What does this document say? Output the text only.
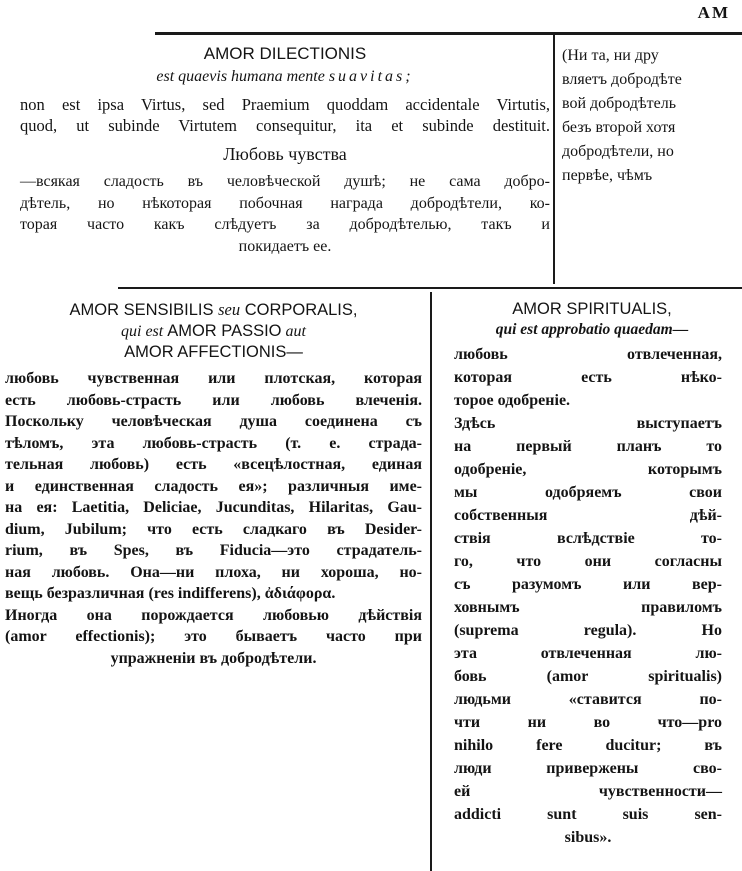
AM
AMOR DILECTIONIS
est quaevis humana mente suavitas;

non est ipsa Virtus, sed Praemium quoddam accidentale Virtutis,

quod, ut subinde Virtutem consequitur, ita et subinde destituit.

Любовь чувства

—всякая сладость въ человѣческой душѣ; не сама добро-

дѣтель, но нѣкоторая побочная награда добродѣтели, ко-

торая часто какъ слѣдуетъ за добродѣтелью, такъ и

покидаетъ ее.

(Ни та, ни дру

вляетъ добродѣте

вой добродѣтель

безъ второй хотя

добродѣтели, но

первѣе, чѣмъ

AMOR SENSIBILIS seu CORPORALIS,
qui est AMOR PASSIO aut
AMOR AFFECTIONIS—

любовь чувственная или плотская, которая

есть любовь-страсть или любовь влеченія.

Поскольку человѣческая душа соединена съ

тѣломъ, эта любовь-страсть (т. е. страда-

тельная любовь) есть «всецѣлостная, единая

и единственная сладость ея»; различныя име-

на ея: Laetitia, Deliciae, Jucunditas, Hilaritas, Gau-

dium, Jubilum; что есть сладкаго въ Desider-

rium, въ Spes, въ Fiducia—это страдатель-

ная любовь. Она—ни плоха, ни хороша, но-

вещь безразличная (res indifferens), ἀδιάφορα.

Иногда она порождается любовью дѣйствія

(amor effectionis); это бываетъ часто при

упражненіи въ добродѣтели.

AMOR SPIRITUALIS,
qui est approbatio quaedam—

любовь отвлеченная,

которая есть нѣко-

торое одобреніе.

Здѣсь выступаетъ

на первый планъ то

одобреніе, которымъ

мы одобряемъ свои

собственныя дѣй-

ствія вслѣдствіе то-

го, что они согласны

съ разумомъ или вер-

ховнымъ правиломъ

(suprema regula). Но

эта отвлеченная лю-

бовь (amor spiritualis)

людьми «ставится по-

чти ни во что—pro

nihilo fere ducitur; въ

люди привержены сво-

ей чувственности—

addicti sunt suis sen-

sibus».
